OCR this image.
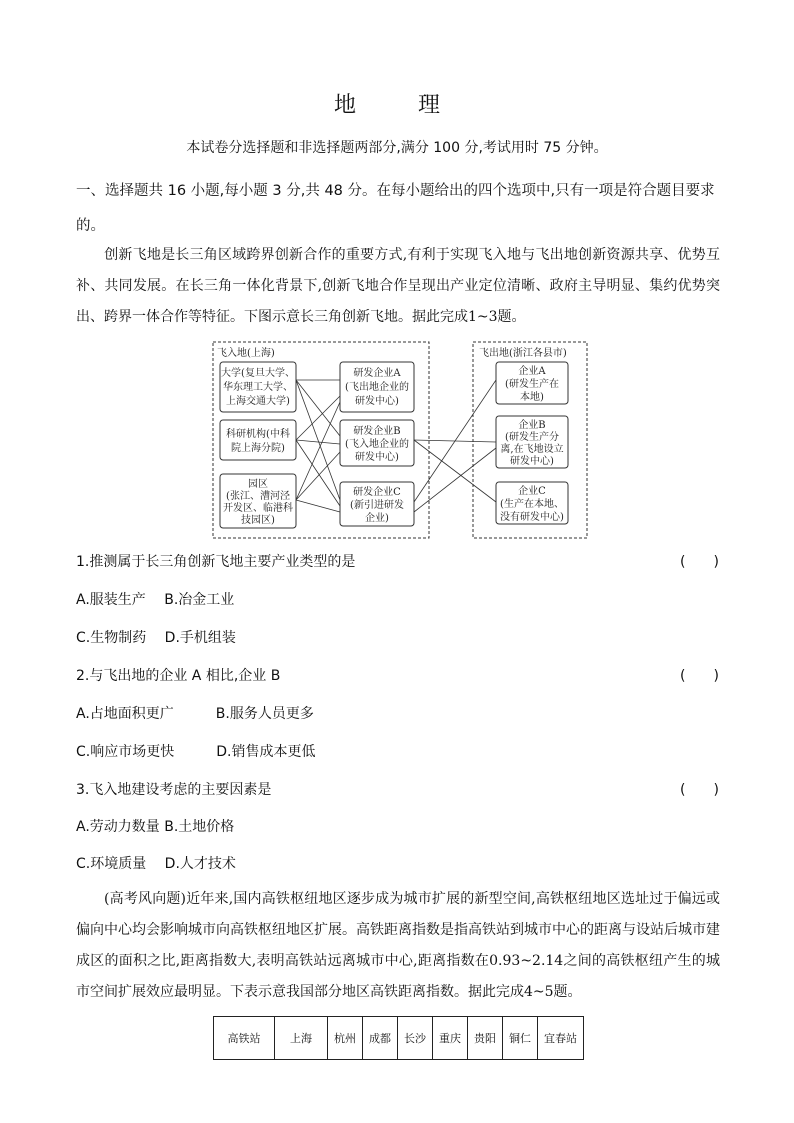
地　理
本试卷分选择题和非选择题两部分,满分 100 分,考试用时 75 分钟。
一、选择题共 16 小题,每小题 3 分,共 48 分。在每小题给出的四个选项中,只有一项是符合题目要求的。
创新飞地是长三角区域跨界创新合作的重要方式,有利于实现飞入地与飞出地创新资源共享、优势互补、共同发展。在长三角一体化背景下,创新飞地合作呈现出产业定位清晰、政府主导明显、集约优势突出、跨界一体合作等特征。下图示意长三角创新飞地。据此完成1~3题。
飞入地(上海)	飞出地(浙江各县市)
大学(复旦大学、
华东理工大学、
上海交通大学)
科研机构(中科
院上海分院)
园区
(张江、漕河泾
开发区、临港科
技园区)
研发企业A
(飞出地企业的
研发中心)
研发企业B
(飞入地企业的
研发中心)
研发企业C
(新引进研发
企业)
企业A
(研发生产在
本地)
企业B
(研发生产分
离,在飞地设立
研发中心)
企业C
(生产在本地、
没有研发中心)
1.推测属于长三角创新飞地主要产业类型的是	(　　)
A.服装生产　 B.冶金工业
C.生物制药　 D.手机组装
2.与飞出地的企业 A 相比,企业 B	(　　)
A.占地面积更广　　　B.服务人员更多
C.响应市场更快　　　D.销售成本更低
3.飞入地建设考虑的主要因素是	(　　)
A.劳动力数量 B.土地价格
C.环境质量　 D.人才技术
(高考风向题)近年来,国内高铁枢纽地区逐步成为城市扩展的新型空间,高铁枢纽地区选址过于偏远或偏向中心均会影响城市向高铁枢纽地区扩展。高铁距离指数是指高铁站到城市中心的距离与设站后城市建成区的面积之比,距离指数大,表明高铁站远离城市中心,距离指数在0.93~2.14之间的高铁枢纽产生的城市空间扩展效应最明显。下表示意我国部分地区高铁距离指数。据此完成4~5题。
高铁站	上海	杭州	成都	长沙	重庆	贵阳	铜仁	宜春站
